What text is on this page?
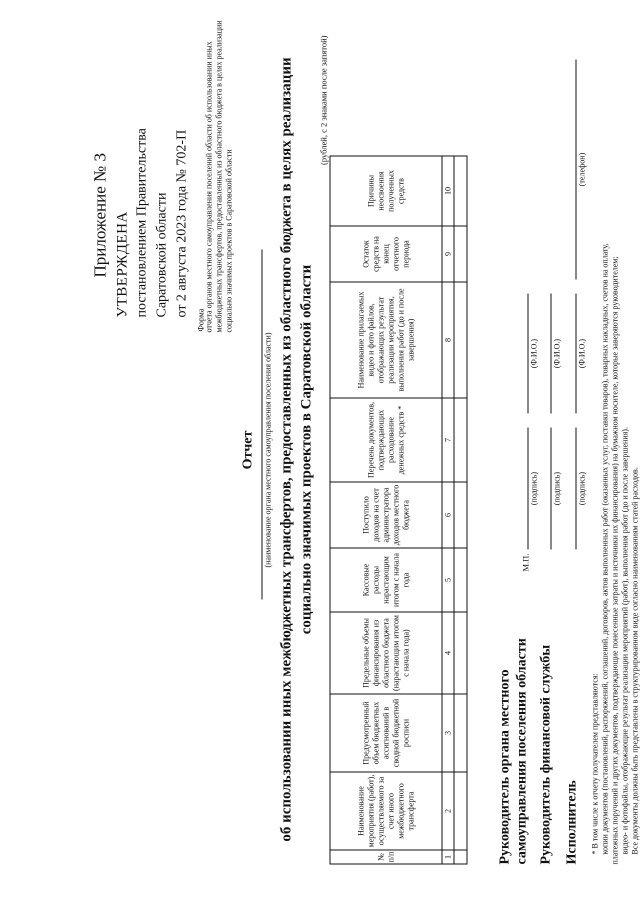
Приложение № 3 УТВЕРЖДЕНА постановлением Правительства Саратовской области от 2 августа 2023 года № 702-П
Форма отчета органов местного самоуправления поселений области об использовании иных межбюджетных трансфертов, предоставленных из областного бюджета в целях реализации социально значимых проектов в Саратовской области
Отчет (наименование органа местного самоуправления поселения области) об использовании иных межбюджетных трансфертов, предоставленных из областного бюджета в целях реализации социально значимых проектов в Саратовской области
(рублей, с 2 знаками после запятой)
№ п/п	Наименование мероприятия (работ), осуществляемого за счет иного межбюджетного трансферта	Предусмотренный объем бюджетных ассигнований в сводной бюджетной росписи	Предельные объемы финансирования из областного бюджета (нарастающим итогом с начала года)	Кассовые расходы нарастающим итогом с начала года	Поступило доходов на счет администратора доходов местного бюджета	Перечень документов, подтверждающих расходование денежных средств *	Наименование прилагаемых видео и фото файлов, отображающих результат реализации мероприятия, выполнения работ (до и после завершения)	Остаток средств на конец отчетного периода	Причины неосвоения полученных средств
1	2	3	4	5	6	7	8	9	10

Руководитель органа местного самоуправления поселения области
М.П.
(подпись)
(Ф.И.О.)
Руководитель финансовой службы
(подпись)
(Ф.И.О.)
Исполнитель
(подпись)
(Ф.И.О.)
(телефон)
* В том числе к отчету получателем представляются: копии документов (постановлений, распоряжений, соглашений, договоров, актов выполненных работ (оказанных услуг, поставки товаров), товарных накладных, счетов на оплату, платежных поручений и других документов, подтверждающие понесенные затраты и источники их финансирования) на бумажном носителе, которые заверяются руководителем; видео- и фотофайлы, отображающие результат реализации мероприятий (работ), выполнения работ (до и после завершения). Все документы должны быть представлены в структурированном виде согласно наименованиям статей расходов.
